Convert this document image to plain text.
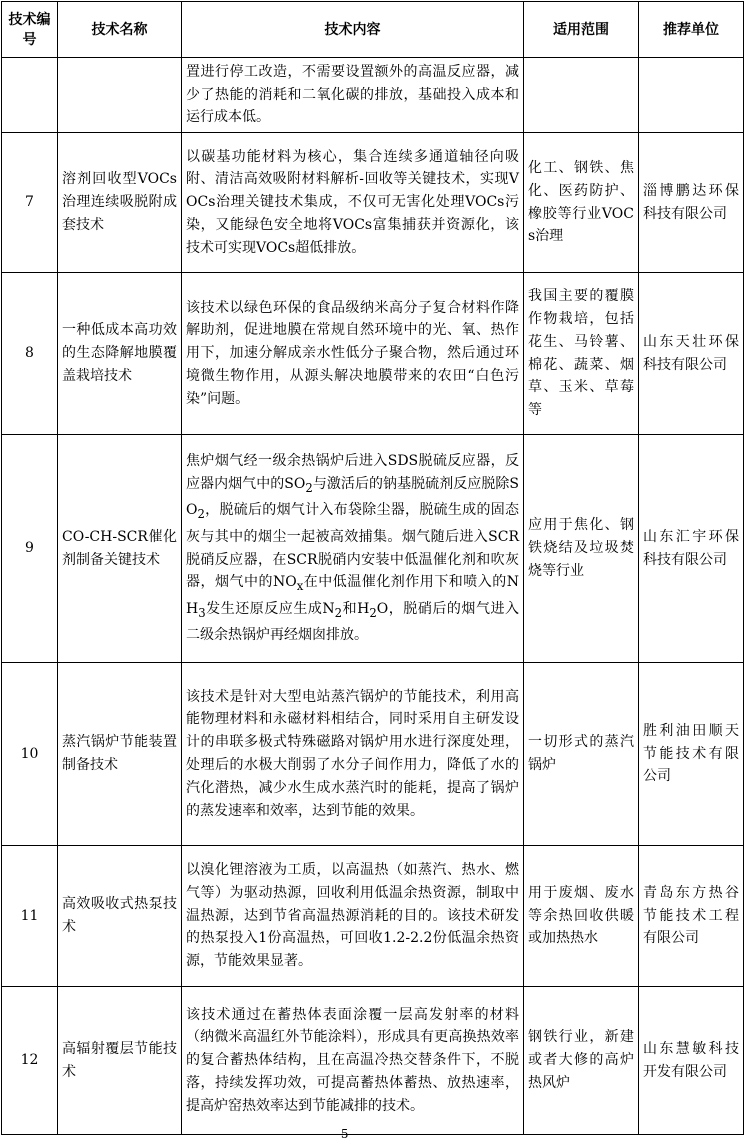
技术编号	技术名称	技术内容	适用范围	推荐单位
		置进行停工改造，不需要设置额外的高温反应器，减少了热能的消耗和二氧化碳的排放，基础投入成本和运行成本低。		
7	溶剂回收型VOCs治理连续吸脱附成套技术	以碳基功能材料为核心，集合连续多通道轴径向吸附、清洁高效吸附材料解析-回收等关键技术，实现VOCs治理关键技术集成，不仅可无害化处理VOCs污染，又能绿色安全地将VOCs富集捕获并资源化，该技术可实现VOCs超低排放。	化工、钢铁、焦化、医药防护、橡胶等行业VOCs治理	淄博鹏达环保科技有限公司
8	一种低成本高功效的生态降解地膜覆盖栽培技术	该技术以绿色环保的食品级纳米高分子复合材料作降解助剂，促进地膜在常规自然环境中的光、氧、热作用下，加速分解成亲水性低分子聚合物，然后通过环境微生物作用，从源头解决地膜带来的农田“白色污染”问题。	我国主要的覆膜作物栽培，包括花生、马铃薯、棉花、蔬菜、烟草、玉米、草莓等	山东天壮环保科技有限公司
9	CO-CH-SCR催化剂制备关键技术	焦炉烟气经一级余热锅炉后进入SDS脱硫反应器，反应器内烟气中的$SO_2$与激活后的钠基脱硫剂反应脱除$SO_2$，脱硫后的烟气计入布袋除尘器，脱硫生成的固态灰与其中的烟尘一起被高效捕集。烟气随后进入SCR脱硝反应器，在SCR脱硝内安装中低温催化剂和吹灰器，烟气中的$NO_x$在中低温催化剂作用下和喷入的$NH_3$发生还原反应生成$N_2$和$H_2O$，脱硝后的烟气进入二级余热锅炉再经烟囱排放。	应用于焦化、钢铁烧结及垃圾焚烧等行业	山东汇宇环保科技有限公司
10	蒸汽锅炉节能装置制备技术	该技术是针对大型电站蒸汽锅炉的节能技术，利用高能物理材料和永磁材料相结合，同时采用自主研发设计的串联多极式特殊磁路对锅炉用水进行深度处理，处理后的水极大削弱了水分子间作用力，降低了水的汽化潜热，减少水生成水蒸汽时的能耗，提高了锅炉的蒸发速率和效率，达到节能的效果。	一切形式的蒸汽锅炉	胜利油田顺天节能技术有限公司
11	高效吸收式热泵技术	以溴化锂溶液为工质，以高温热（如蒸汽、热水、燃气等）为驱动热源，回收利用低温余热资源，制取中温热源，达到节省高温热源消耗的目的。该技术研发的热泵投入1份高温热，可回收1.2-2.2份低温余热资源，节能效果显著。	用于废烟、废水等余热回收供暖或加热热水	青岛东方热谷节能技术工程有限公司
12	高辐射覆层节能技术	该技术通过在蓄热体表面涂覆一层高发射率的材料（纳微米高温红外节能涂料），形成具有更高换热效率的复合蓄热体结构，且在高温冷热交替条件下，不脱落，持续发挥功效，可提高蓄热体蓄热、放热速率，提高炉窑热效率达到节能减排的技术。	钢铁行业，新建或者大修的高炉热风炉	山东慧敏科技开发有限公司
- 5 -
